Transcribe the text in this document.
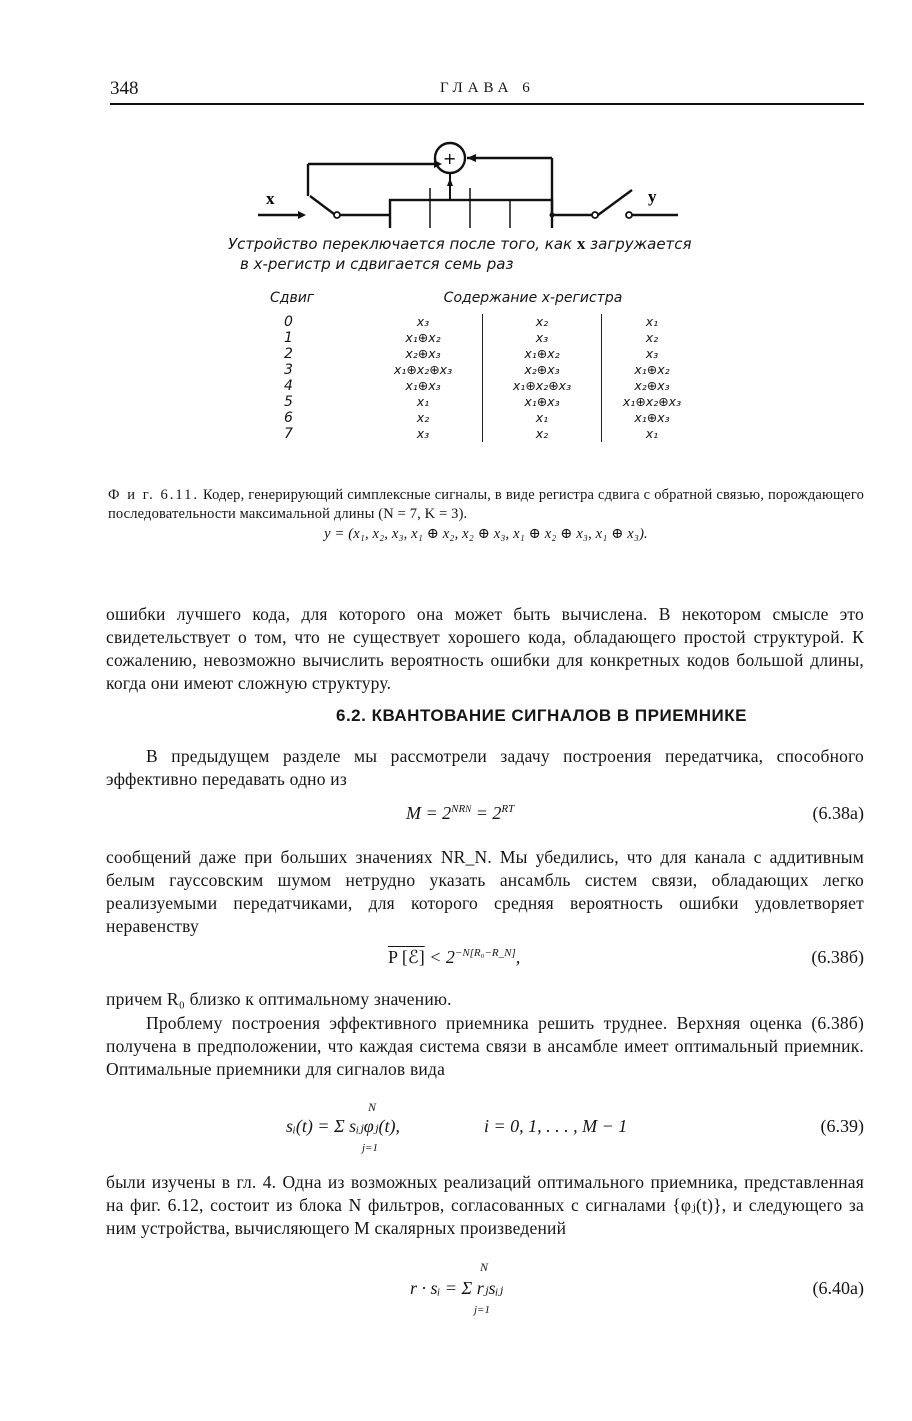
348	ГЛАВА 6
+
x	y
Устройство переключается после того, как x загружается
в x-регистр и сдвигается семь раз
Сдвиг	Содержание x-регистра		
0	x₃	x₂	x₁
1	x₁⊕x₂	x₃	x₂
2	x₂⊕x₃	x₁⊕x₂	x₃
3	x₁⊕x₂⊕x₃	x₂⊕x₃	x₁⊕x₂
4	x₁⊕x₃	x₁⊕x₂⊕x₃	x₂⊕x₃
5	x₁	x₁⊕x₃	x₁⊕x₂⊕x₃
6	x₂	x₁	x₁⊕x₃
7	x₃	x₂	x₁
Ф и г. 6.11. Кодер, генерирующий симплексные сигналы, в виде регистра сдвига с обратной связью, порождающего последовательности максимальной длины (N = 7, K = 3).
y = (x₁, x₂, x₃, x₁ ⊕ x₂, x₂ ⊕ x₃, x₁ ⊕ x₂ ⊕ x₃, x₁ ⊕ x₃).
ошибки лучшего кода, для которого она может быть вычислена. В некотором смысле это свидетельствует о том, что не существует хорошего кода, обладающего простой структурой. К сожалению, невозможно вычислить вероятность ошибки для конкретных кодов большой длины, когда они имеют сложную структуру.
6.2. КВАНТОВАНИЕ СИГНАЛОВ В ПРИЕМНИКЕ
В предыдущем разделе мы рассмотрели задачу построения передатчика, способного эффективно передавать одно из
$M = 2^{NRN} = 2^{RT}$	(6.38а)
сообщений даже при больших значениях NR_N. Мы убедились, что для канала с аддитивным белым гауссовским шумом нетрудно указать ансамбль систем связи, обладающих легко реализуемыми передатчиками, для которого средняя вероятность ошибки удовлетворяет неравенству
P [ℰ] < $2^{-N[R_0-R\_N]}$,	(6.38б)
причем R₀ близко к оптимальному значению.
Проблему построения эффективного приемника решить труднее. Верхняя оценка (6.38б) получена в предположении, что каждая система связи в ансамбле имеет оптимальный приемник. Оптимальные приемники для сигналов вида
N
sᵢ(t) = Σ sᵢⱼφⱼ(t),
j=1
i = 0, 1, . . . , M − 1	(6.39)
были изучены в гл. 4. Одна из возможных реализаций оптимального приемника, представленная на фиг. 6.12, состоит из блока N фильтров, согласованных с сигналами {φⱼ(t)}, и следующего за ним устройства, вычисляющего M скалярных произведений
N
r · sᵢ = Σ rⱼsᵢⱼ
j=1
(6.40а)
